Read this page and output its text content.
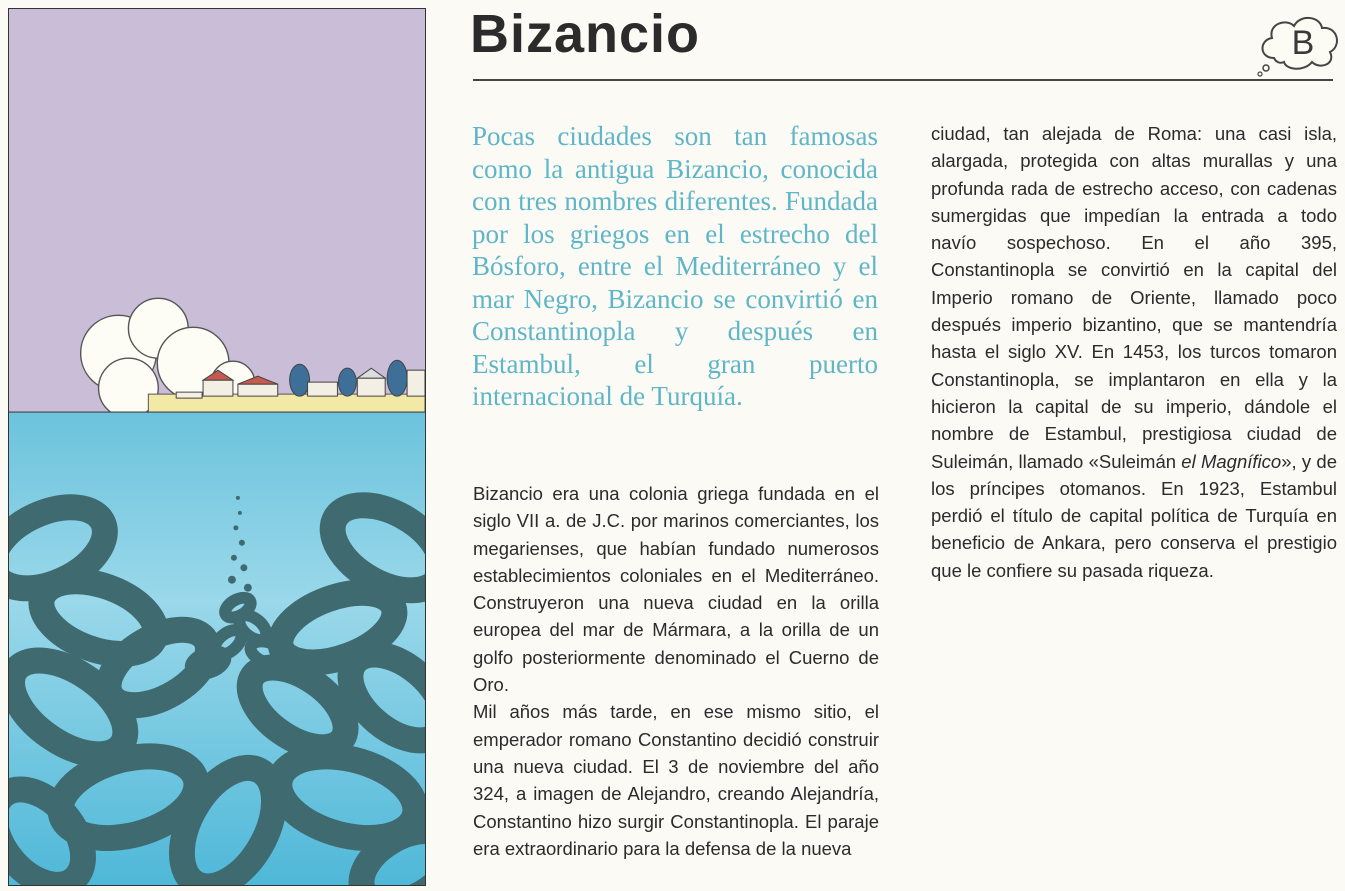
Bizancio	B

Pocas ciudades son tan famosas como la antigua Bizancio, conocida con tres nombres diferentes. Fundada por los griegos en el estrecho del Bósforo, entre el Mediterráneo y el mar Negro, Bizancio se convirtió en Constantinopla y después en Estambul, el gran puerto internacional de Turquía.

Bizancio era una colonia griega fundada en el siglo VII a. de J.C. por marinos comerciantes, los megarienses, que habían fundado numerosos establecimientos coloniales en el Mediterráneo. Construyeron una nueva ciudad en la orilla europea del mar de Mármara, a la orilla de un golfo posteriormente denominado el Cuerno de Oro.

Mil años más tarde, en ese mismo sitio, el emperador romano Constantino decidió construir una nueva ciudad. El 3 de noviembre del año 324, a imagen de Alejandro, creando Alejandría, Constantino hizo surgir Constantinopla. El paraje era extraordinario para la defensa de la nueva

ciudad, tan alejada de Roma: una casi isla, alargada, protegida con altas murallas y una profunda rada de estrecho acceso, con cadenas sumergidas que impedían la entrada a todo navío sospechoso. En el año 395, Constantinopla se convirtió en la capital del Imperio romano de Oriente, llamado poco después imperio bizantino, que se mantendría hasta el siglo XV. En 1453, los turcos tomaron Constantinopla, se implantaron en ella y la hicieron la capital de su imperio, dándole el nombre de Estambul, prestigiosa ciudad de Suleimán, llamado «Suleimán el Magnífico», y de los príncipes otomanos. En 1923, Estambul perdió el título de capital política de Turquía en beneficio de Ankara, pero conserva el prestigio que le confiere su pasada riqueza.
